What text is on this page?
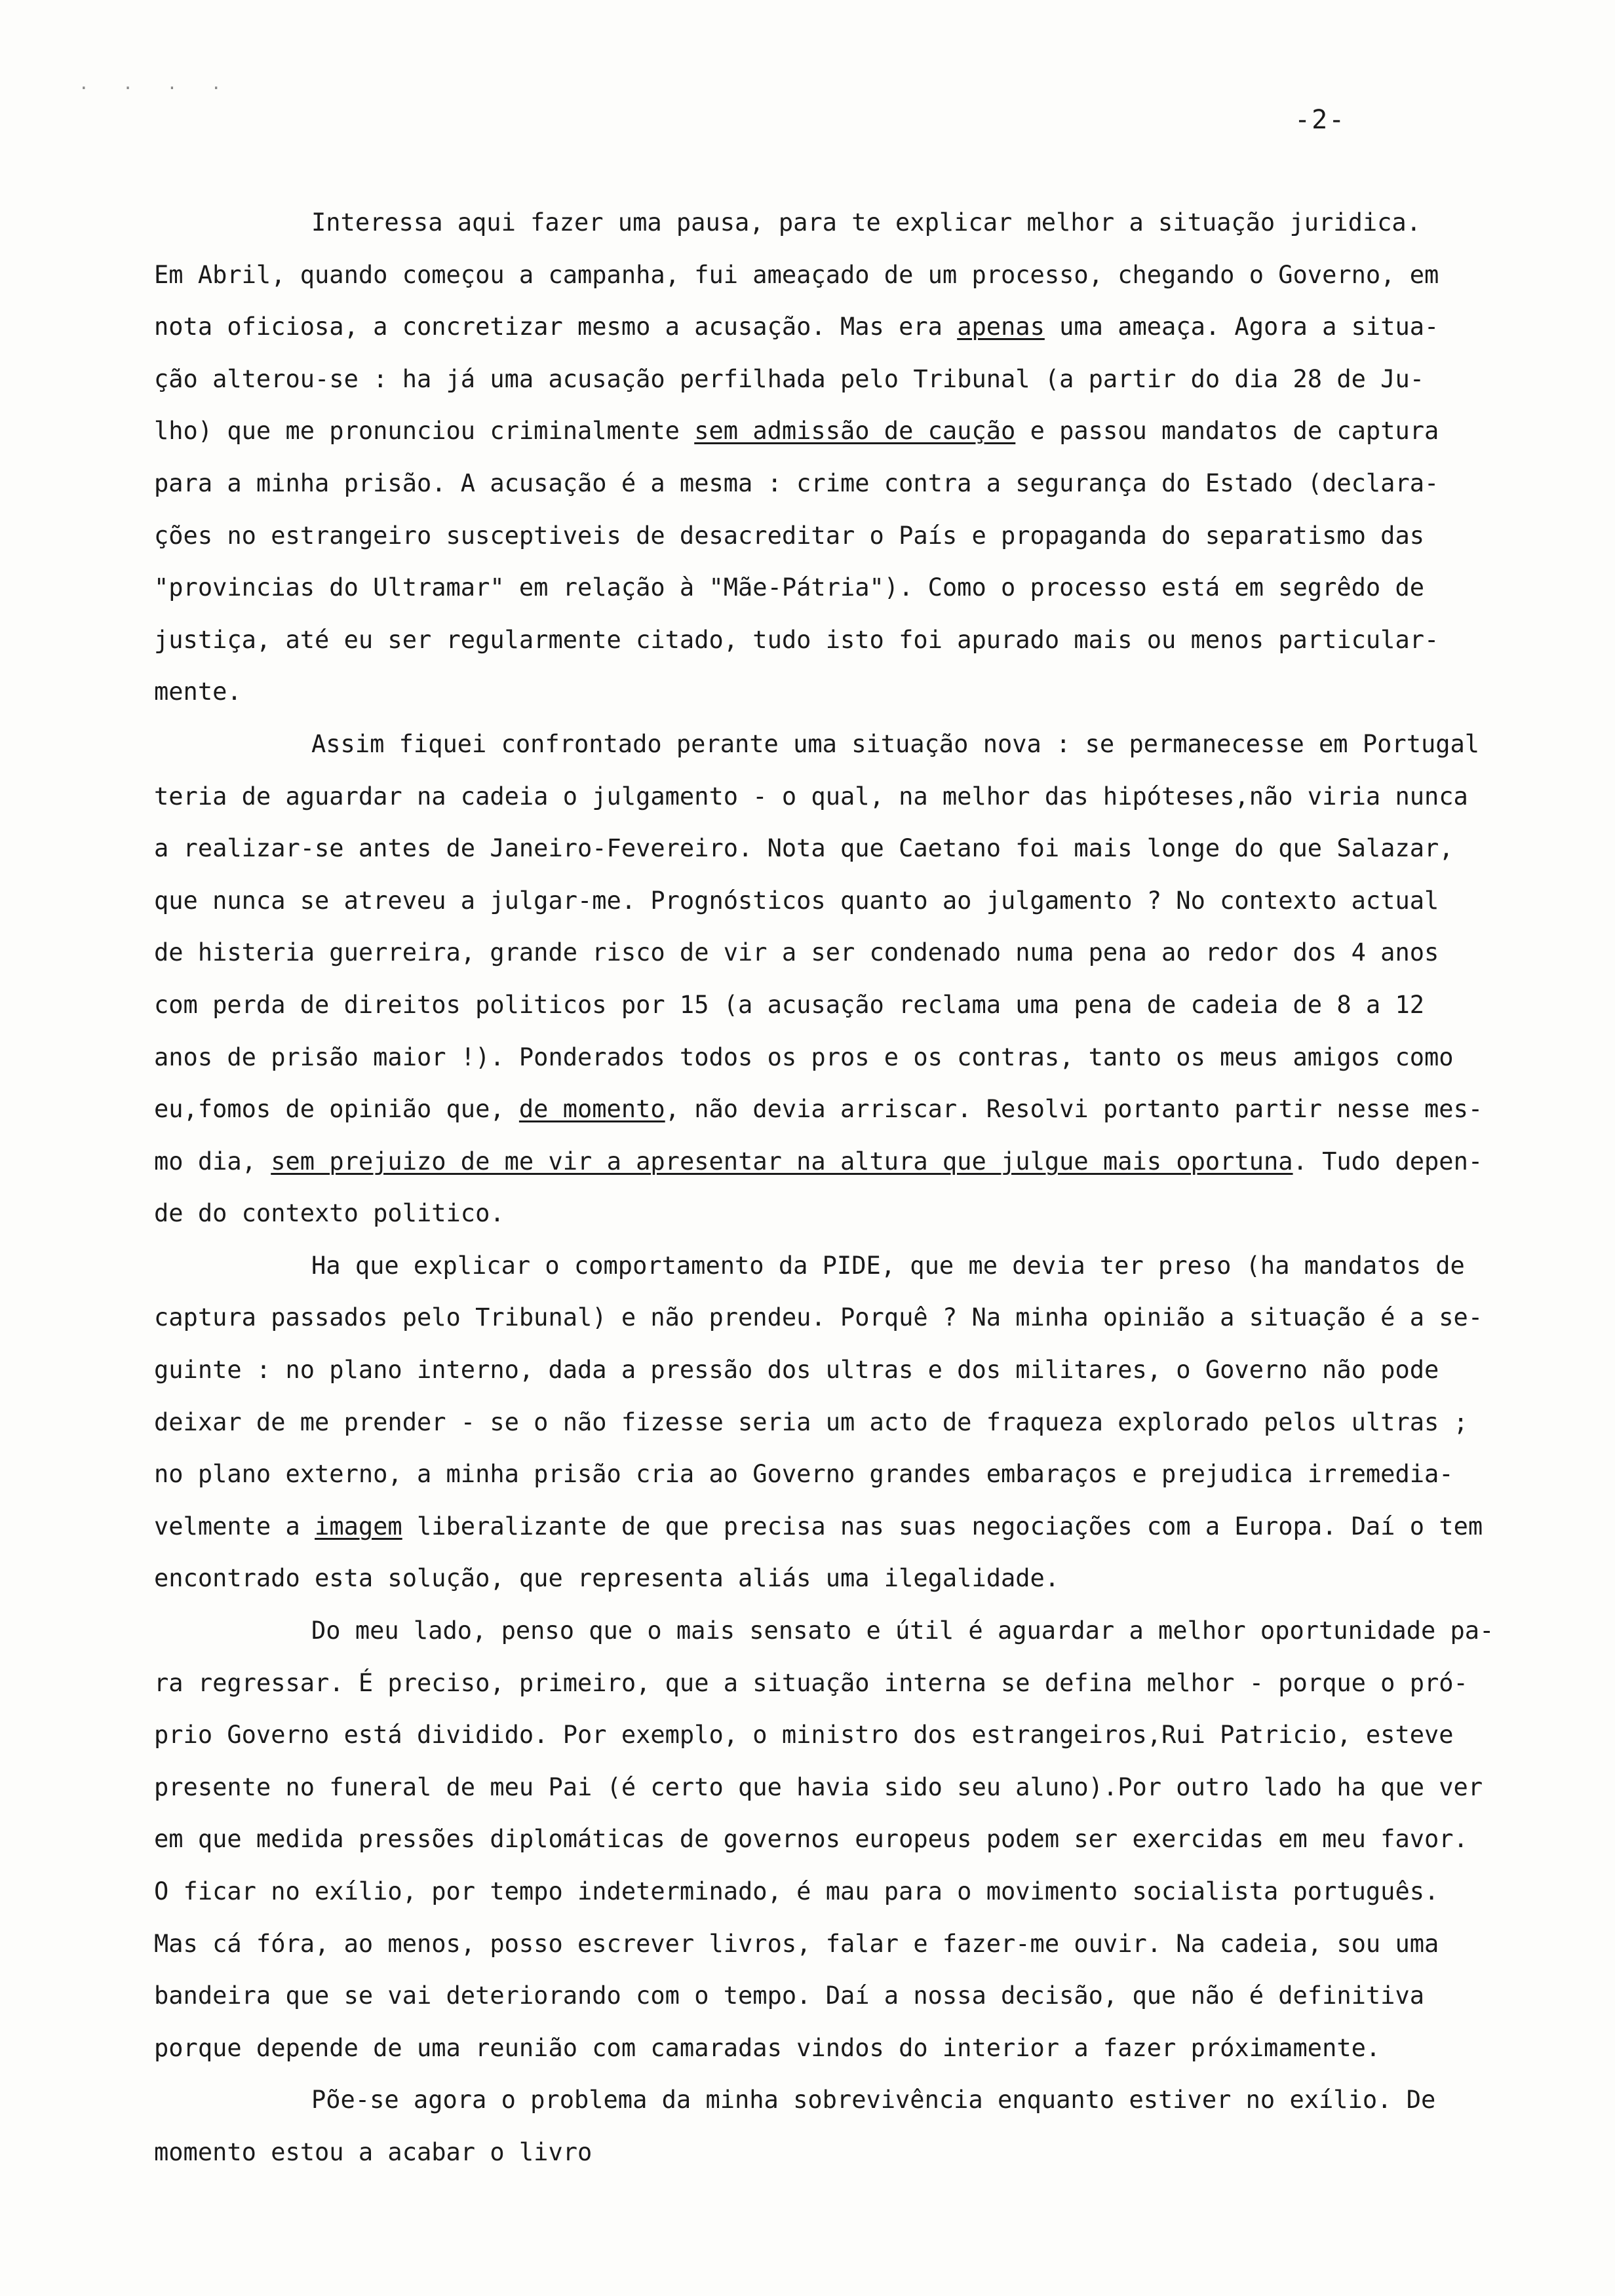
· · · ·
-2-
Interessa aqui fazer uma pausa, para te explicar melhor a situação juridica.
Em Abril, quando começou a campanha, fui ameaçado de um processo, chegando o Governo, em
nota oficiosa, a concretizar mesmo a acusação. Mas era apenas uma ameaça. Agora a situa-
ção alterou-se : ha já uma acusação perfilhada pelo Tribunal (a partir do dia 28 de Ju-
lho) que me pronunciou criminalmente sem admissão de caução e passou mandatos de captura
para a minha prisão. A acusação é a mesma : crime contra a segurança do Estado (declara-
ções no estrangeiro susceptiveis de desacreditar o País e propaganda do separatismo das
"provincias do Ultramar" em relação à "Mãe-Pátria"). Como o processo está em segrêdo de
justiça, até eu ser regularmente citado, tudo isto foi apurado mais ou menos particular-
mente.
Assim fiquei confrontado perante uma situação nova : se permanecesse em Portugal
teria de aguardar na cadeia o julgamento - o qual, na melhor das hipóteses,não viria nunca
a realizar-se antes de Janeiro-Fevereiro. Nota que Caetano foi mais longe do que Salazar,
que nunca se atreveu a julgar-me. Prognósticos quanto ao julgamento ? No contexto actual
de histeria guerreira, grande risco de vir a ser condenado numa pena ao redor dos 4 anos
com perda de direitos politicos por 15 (a acusação reclama uma pena de cadeia de 8 a 12
anos de prisão maior !). Ponderados todos os pros e os contras, tanto os meus amigos como
eu,fomos de opinião que, de momento, não devia arriscar. Resolvi portanto partir nesse mes-
mo dia, sem prejuizo de me vir a apresentar na altura que julgue mais oportuna. Tudo depen-
de do contexto politico.
Ha que explicar o comportamento da PIDE, que me devia ter preso (ha mandatos de
captura passados pelo Tribunal) e não prendeu. Porquê ? Na minha opinião a situação é a se-
guinte : no plano interno, dada a pressão dos ultras e dos militares, o Governo não pode
deixar de me prender - se o não fizesse seria um acto de fraqueza explorado pelos ultras ;
no plano externo, a minha prisão cria ao Governo grandes embaraços e prejudica irremedia-
velmente a imagem liberalizante de que precisa nas suas negociações com a Europa. Daí o tem
encontrado esta solução, que representa aliás uma ilegalidade.
Do meu lado, penso que o mais sensato e útil é aguardar a melhor oportunidade pa-
ra regressar. É preciso, primeiro, que a situação interna se defina melhor - porque o pró-
prio Governo está dividido. Por exemplo, o ministro dos estrangeiros,Rui Patricio, esteve
presente no funeral de meu Pai (é certo que havia sido seu aluno).Por outro lado ha que ver
em que medida pressões diplomáticas de governos europeus podem ser exercidas em meu favor.
O ficar no exílio, por tempo indeterminado, é mau para o movimento socialista português.
Mas cá fóra, ao menos, posso escrever livros, falar e fazer-me ouvir. Na cadeia, sou uma
bandeira que se vai deteriorando com o tempo. Daí a nossa decisão, que não é definitiva
porque depende de uma reunião com camaradas vindos do interior a fazer próximamente.
Põe-se agora o problema da minha sobrevivência enquanto estiver no exílio. De
momento estou a acabar o livro
